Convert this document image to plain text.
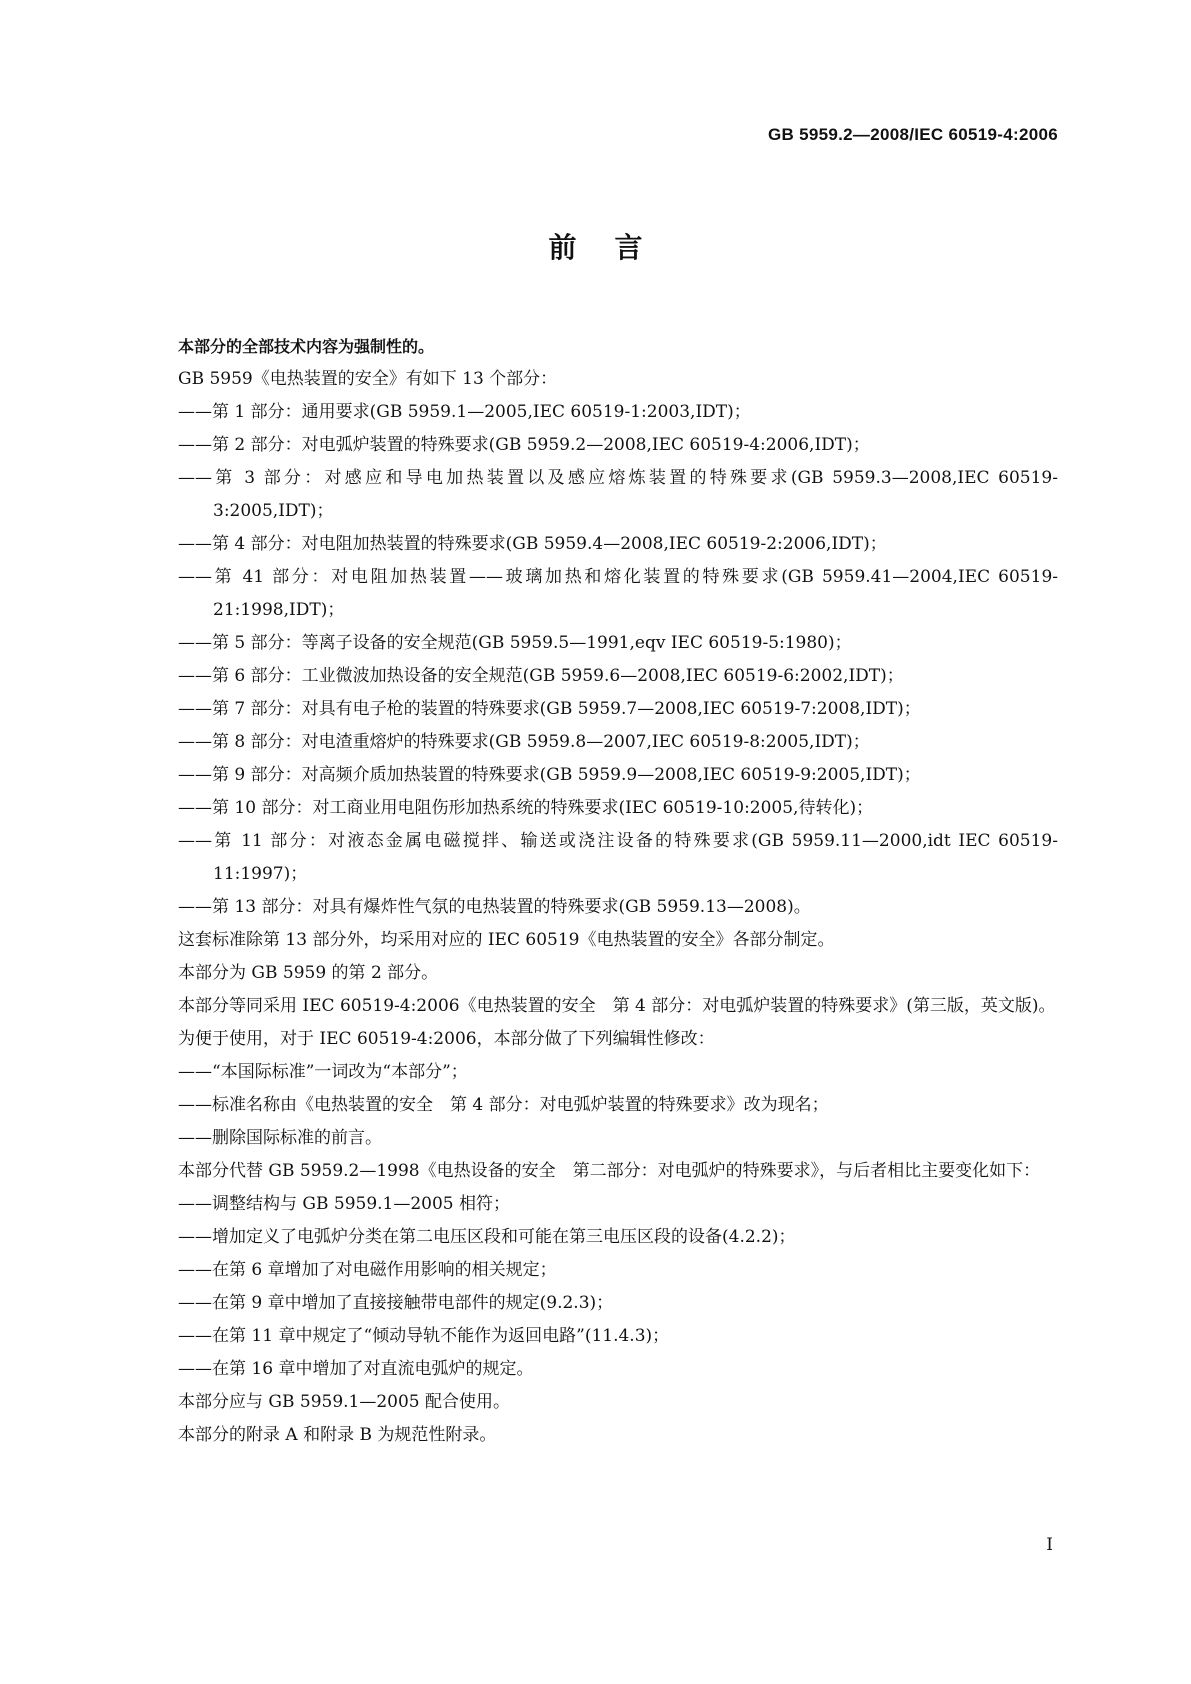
GB 5959.2—2008/IEC 60519-4:2006

前言

本部分的全部技术内容为强制性的。

GB 5959《电热装置的安全》有如下 13 个部分：

——第 1 部分：通用要求(GB 5959.1—2005,IEC 60519-1:2003,IDT)；

——第 2 部分：对电弧炉装置的特殊要求(GB 5959.2—2008,IEC 60519-4:2006,IDT)；

——第 3 部分：对感应和导电加热装置以及感应熔炼装置的特殊要求(GB 5959.3—2008,IEC 60519-3:2005,IDT)；

——第 4 部分：对电阻加热装置的特殊要求(GB 5959.4—2008,IEC 60519-2:2006,IDT)；

——第 41 部分：对电阻加热装置——玻璃加热和熔化装置的特殊要求(GB 5959.41—2004,IEC 60519-21:1998,IDT)；

——第 5 部分：等离子设备的安全规范(GB 5959.5—1991,eqv IEC 60519-5:1980)；

——第 6 部分：工业微波加热设备的安全规范(GB 5959.6—2008,IEC 60519-6:2002,IDT)；

——第 7 部分：对具有电子枪的装置的特殊要求(GB 5959.7—2008,IEC 60519-7:2008,IDT)；

——第 8 部分：对电渣重熔炉的特殊要求(GB 5959.8—2007,IEC 60519-8:2005,IDT)；

——第 9 部分：对高频介质加热装置的特殊要求(GB 5959.9—2008,IEC 60519-9:2005,IDT)；

——第 10 部分：对工商业用电阻伤形加热系统的特殊要求(IEC 60519-10:2005,待转化)；

——第 11 部分：对液态金属电磁搅拌、输送或浇注设备的特殊要求(GB 5959.11—2000,idt IEC 60519-11:1997)；

——第 13 部分：对具有爆炸性气氛的电热装置的特殊要求(GB 5959.13—2008)。

这套标准除第 13 部分外，均采用对应的 IEC 60519《电热装置的安全》各部分制定。

本部分为 GB 5959 的第 2 部分。

本部分等同采用 IEC 60519-4:2006《电热装置的安全　第 4 部分：对电弧炉装置的特殊要求》(第三版，英文版)。

为便于使用，对于 IEC 60519-4:2006，本部分做了下列编辑性修改：

——“本国际标准”一词改为“本部分”；

——标准名称由《电热装置的安全　第 4 部分：对电弧炉装置的特殊要求》改为现名；

——删除国际标准的前言。

本部分代替 GB 5959.2—1998《电热设备的安全　第二部分：对电弧炉的特殊要求》，与后者相比主要变化如下：

——调整结构与 GB 5959.1—2005 相符；

——增加定义了电弧炉分类在第二电压区段和可能在第三电压区段的设备(4.2.2)；

——在第 6 章增加了对电磁作用影响的相关规定；

——在第 9 章中增加了直接接触带电部件的规定(9.2.3)；

——在第 11 章中规定了“倾动导轨不能作为返回电路”(11.4.3)；

——在第 16 章中增加了对直流电弧炉的规定。

本部分应与 GB 5959.1—2005 配合使用。

本部分的附录 A 和附录 B 为规范性附录。

I
